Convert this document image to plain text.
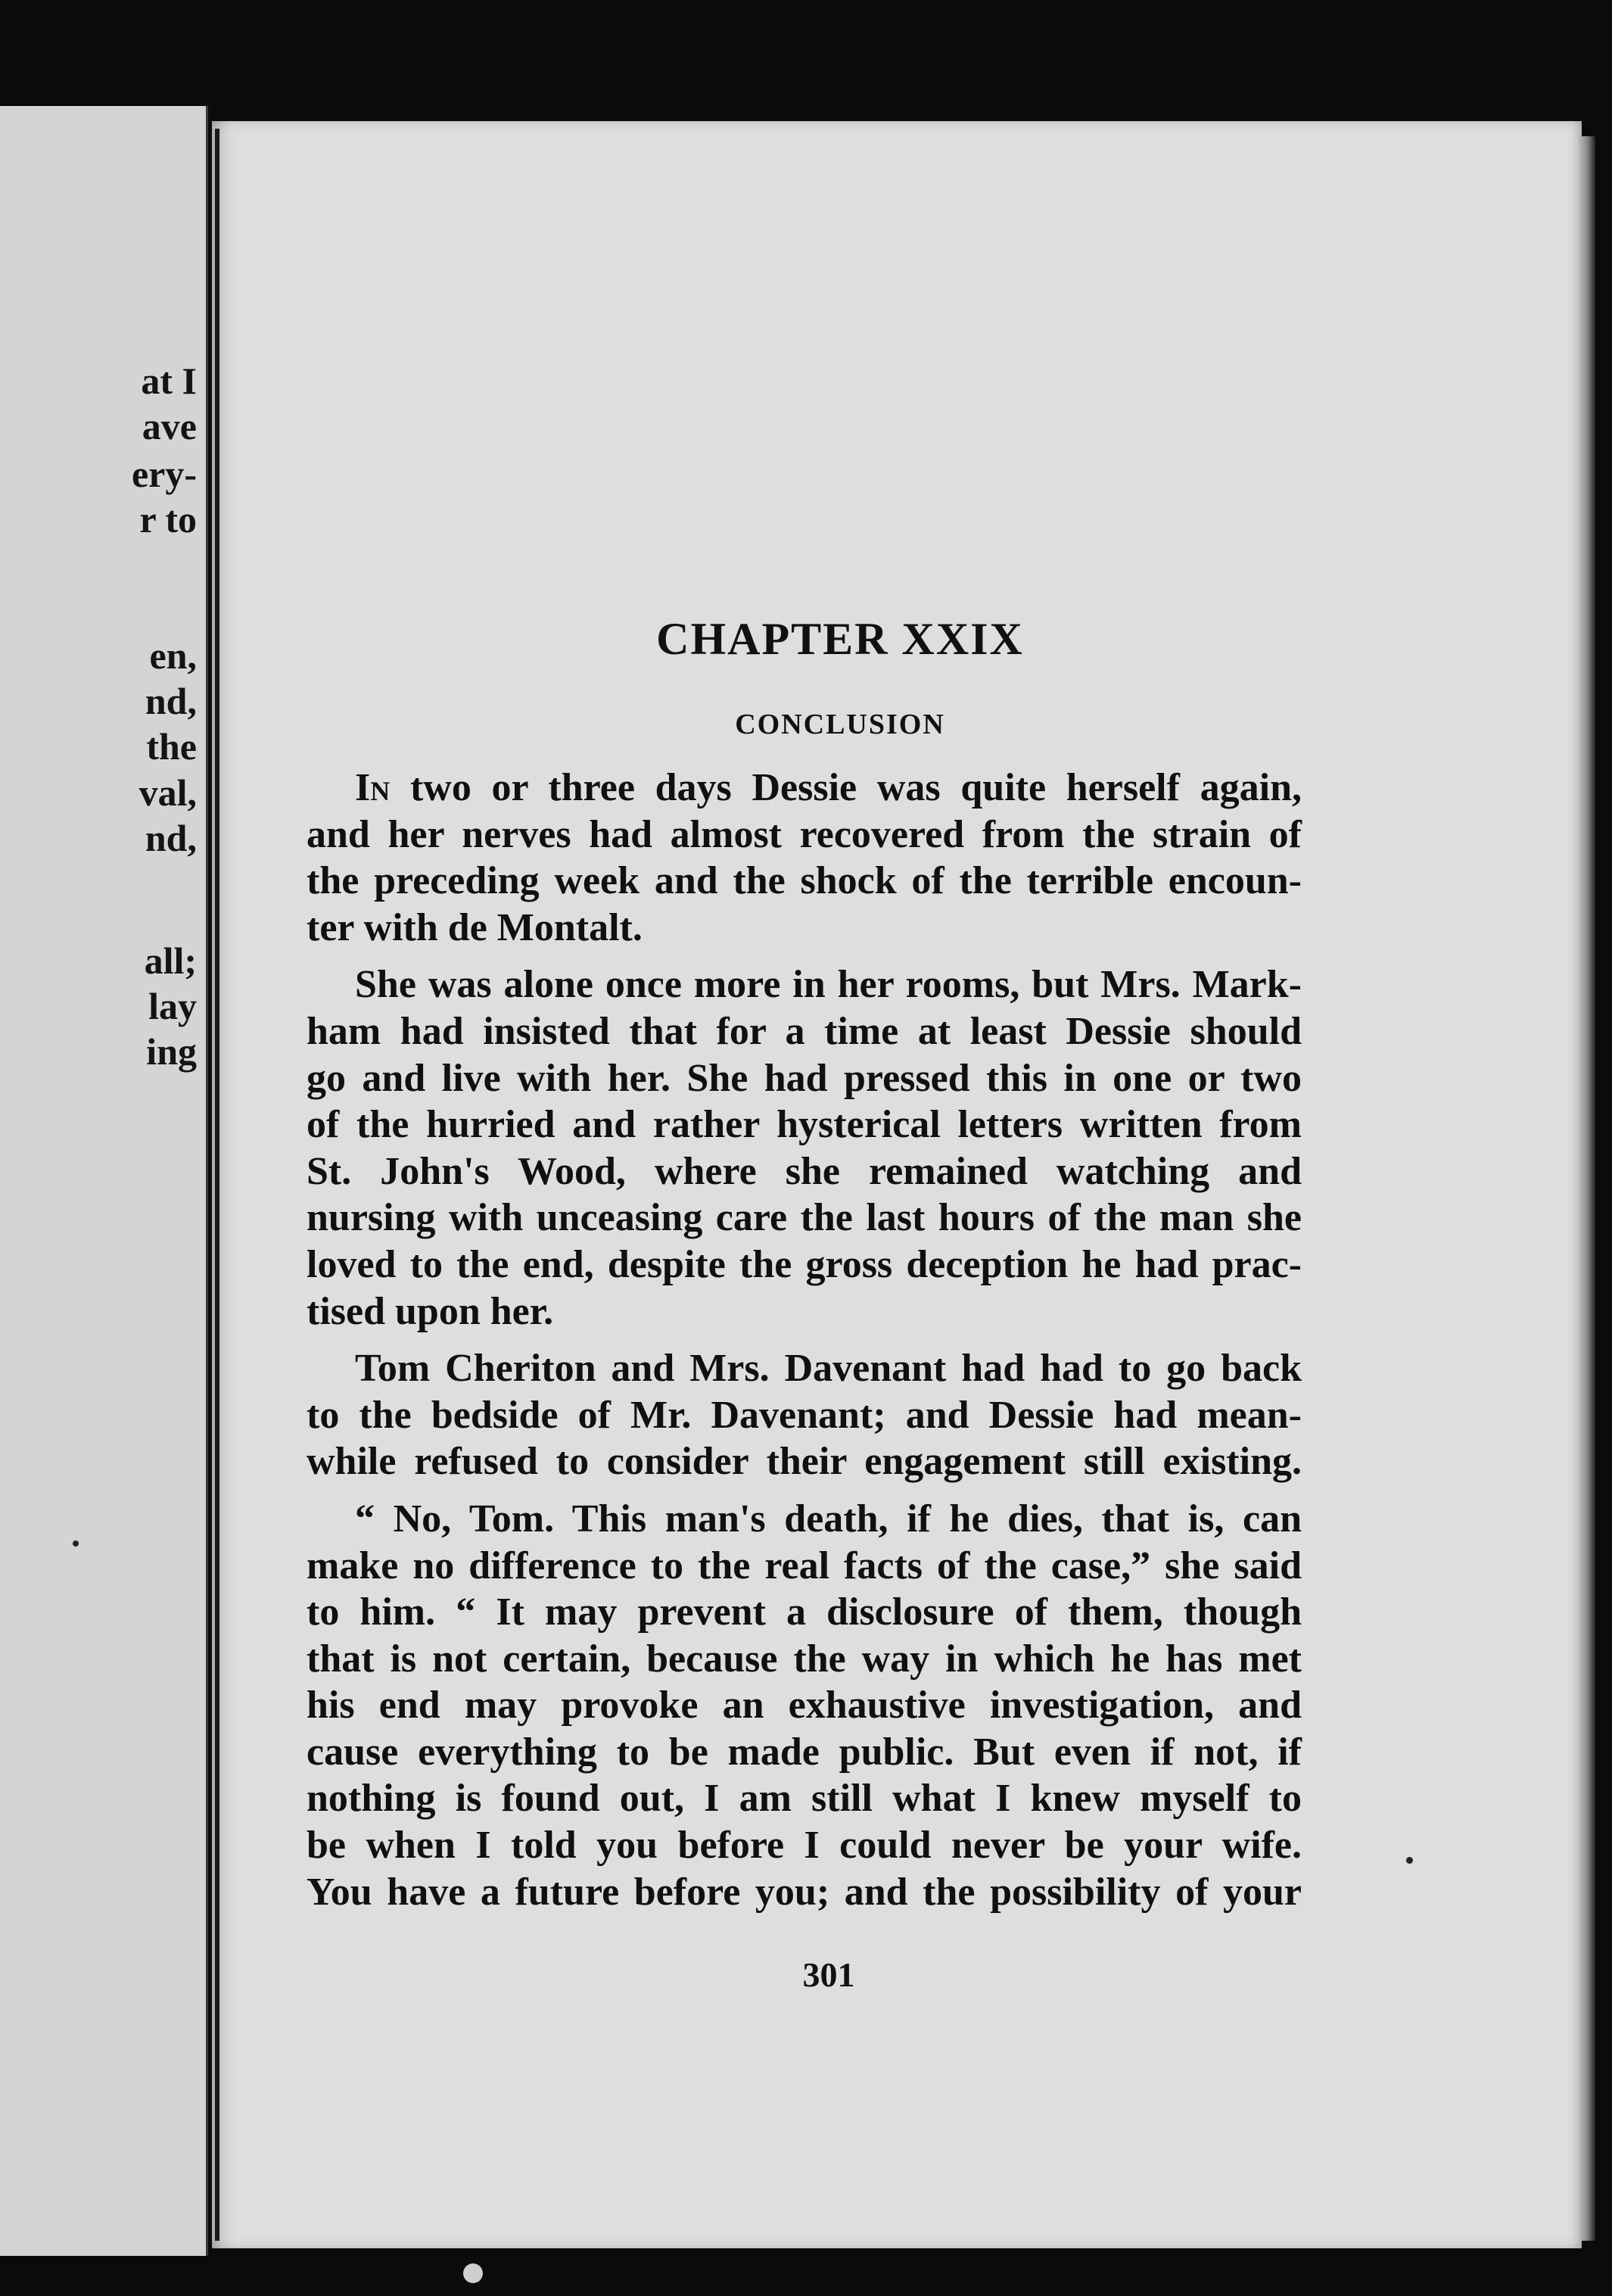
at I
ave
ery-
r to
en,
nd,
the
val,
nd,
all;
lay
ing
CHAPTER XXIX
CONCLUSION
In two or three days Dessie was quite herself again,
and her nerves had almost recovered from the strain of
the preceding week and the shock of the terrible encoun-
ter with de Montalt.
She was alone once more in her rooms, but Mrs. Mark-
ham had insisted that for a time at least Dessie should
go and live with her. She had pressed this in one or two
of the hurried and rather hysterical letters written from
St. John's Wood, where she remained watching and
nursing with unceasing care the last hours of the man she
loved to the end, despite the gross deception he had prac-
tised upon her.
Tom Cheriton and Mrs. Davenant had had to go back
to the bedside of Mr. Davenant; and Dessie had mean-
while refused to consider their engagement still existing.
“ No, Tom. This man's death, if he dies, that is, can
make no difference to the real facts of the case,” she said
to him. “ It may prevent a disclosure of them, though
that is not certain, because the way in which he has met
his end may provoke an exhaustive investigation, and
cause everything to be made public. But even if not, if
nothing is found out, I am still what I knew myself to
be when I told you before I could never be your wife.
You have a future before you; and the possibility of your
301
